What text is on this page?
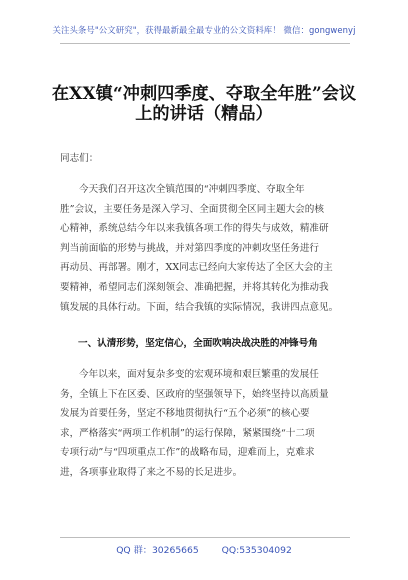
关注头条号"公文研究"，获得最新最全最专业的公文资料库！ 微信：gongwenyj
在XX镇“冲刺四季度、夺取全年胜”会议
上的讲话（精品）
同志们：
今天我们召开这次全镇范围的“冲刺四季度、夺取全年
胜”会议，主要任务是深入学习、全面贯彻全区同主题大会的核
心精神，系统总结今年以来我镇各项工作的得失与成效，精准研
判当前面临的形势与挑战，并对第四季度的冲刺攻坚任务进行
再动员、再部署。刚才，XX同志已经向大家传达了全区大会的主
要精神，希望同志们深刻领会、准确把握，并将其转化为推动我
镇发展的具体行动。下面，结合我镇的实际情况，我讲四点意见。
一、认清形势，坚定信心，全面吹响决战决胜的冲锋号角
今年以来，面对复杂多变的宏观环境和艰巨繁重的发展任
务，全镇上下在区委、区政府的坚强领导下，始终坚持以高质量
发展为首要任务，坚定不移地贯彻执行“五个必须”的核心要
求，严格落实“两项工作机制”的运行保障，紧紧围绕“十二项
专项行动”与“四项重点工作”的战略布局，迎难而上，克难求
进，各项事业取得了来之不易的长足进步。
QQ 群：30265665 QQ:535304092
